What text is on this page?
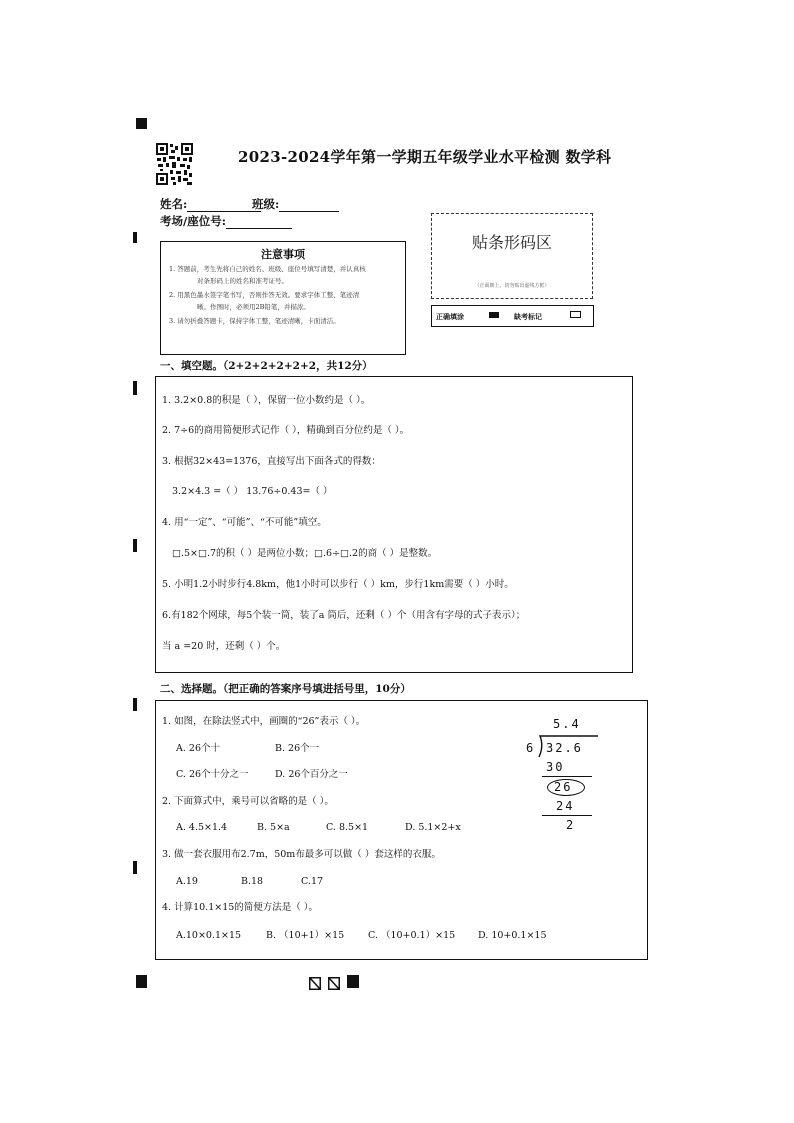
2023-2024学年第一学期五年级学业水平检测 数学科
姓名:	班级:
考场/座位号:
注意事项
1. 答题前，考生先将自己的姓名、班级、座位号填写清楚，并认真核
对条形码上的姓名和准考证号。
2. 用黑色墨水签字笔书写，否则作答无效。要求字体工整、笔迹清
晰。作图时，必须用2B铅笔，并描浓。
3. 请勿折叠答题卡，保持字体工整，笔迹清晰，卡面清洁。
贴条形码区
（正面朝上，切勿贴出虚线方框）
正确填涂	缺考标记
一、填空题。（2+2+2+2+2+2，共12分）
1. 3.2×0.8的积是（ ），保留一位小数约是（ ）。
2. 7÷6的商用简便形式记作（ ），精确到百分位约是（ ）。
3. 根据32×43=1376，直接写出下面各式的得数：
3.2×4.3 =（ ） 13.76÷0.43=（ ）
4. 用“一定”、“可能”、“不可能”填空。
□.5×□.7的积（ ）是两位小数；□.6÷□.2的商（ ）是整数。
5. 小明1.2小时步行4.8km，他1小时可以步行（ ）km，步行1km需要（ ）小时。
6.有182个网球，每5个装一筒，装了a 筒后，还剩（ ）个（用含有字母的式子表示）；
当 a =20 时，还剩（ ）个。
二、选择题。（把正确的答案序号填进括号里，10分）
1. 如图，在除法竖式中，画圈的“26”表示（ ）。
A. 26个十	B. 26个一
C. 26个十分之一	D. 26个百分之一
2. 下面算式中，乘号可以省略的是（ ）。
A. 4.5×1.4	B. 5×a	C. 8.5×1	D. 5.1×2+x
3. 做一套衣服用布2.7m，50m布最多可以做（ ）套这样的衣服。
A.19	B.18	C.17
4. 计算10.1×15的简便方法是（ ）。
A.10×0.1×15	B. （10+1）×15	C. （10+0.1）×15 D. 10+0.1×15
5.4
6 32.6
30
26
24
2
